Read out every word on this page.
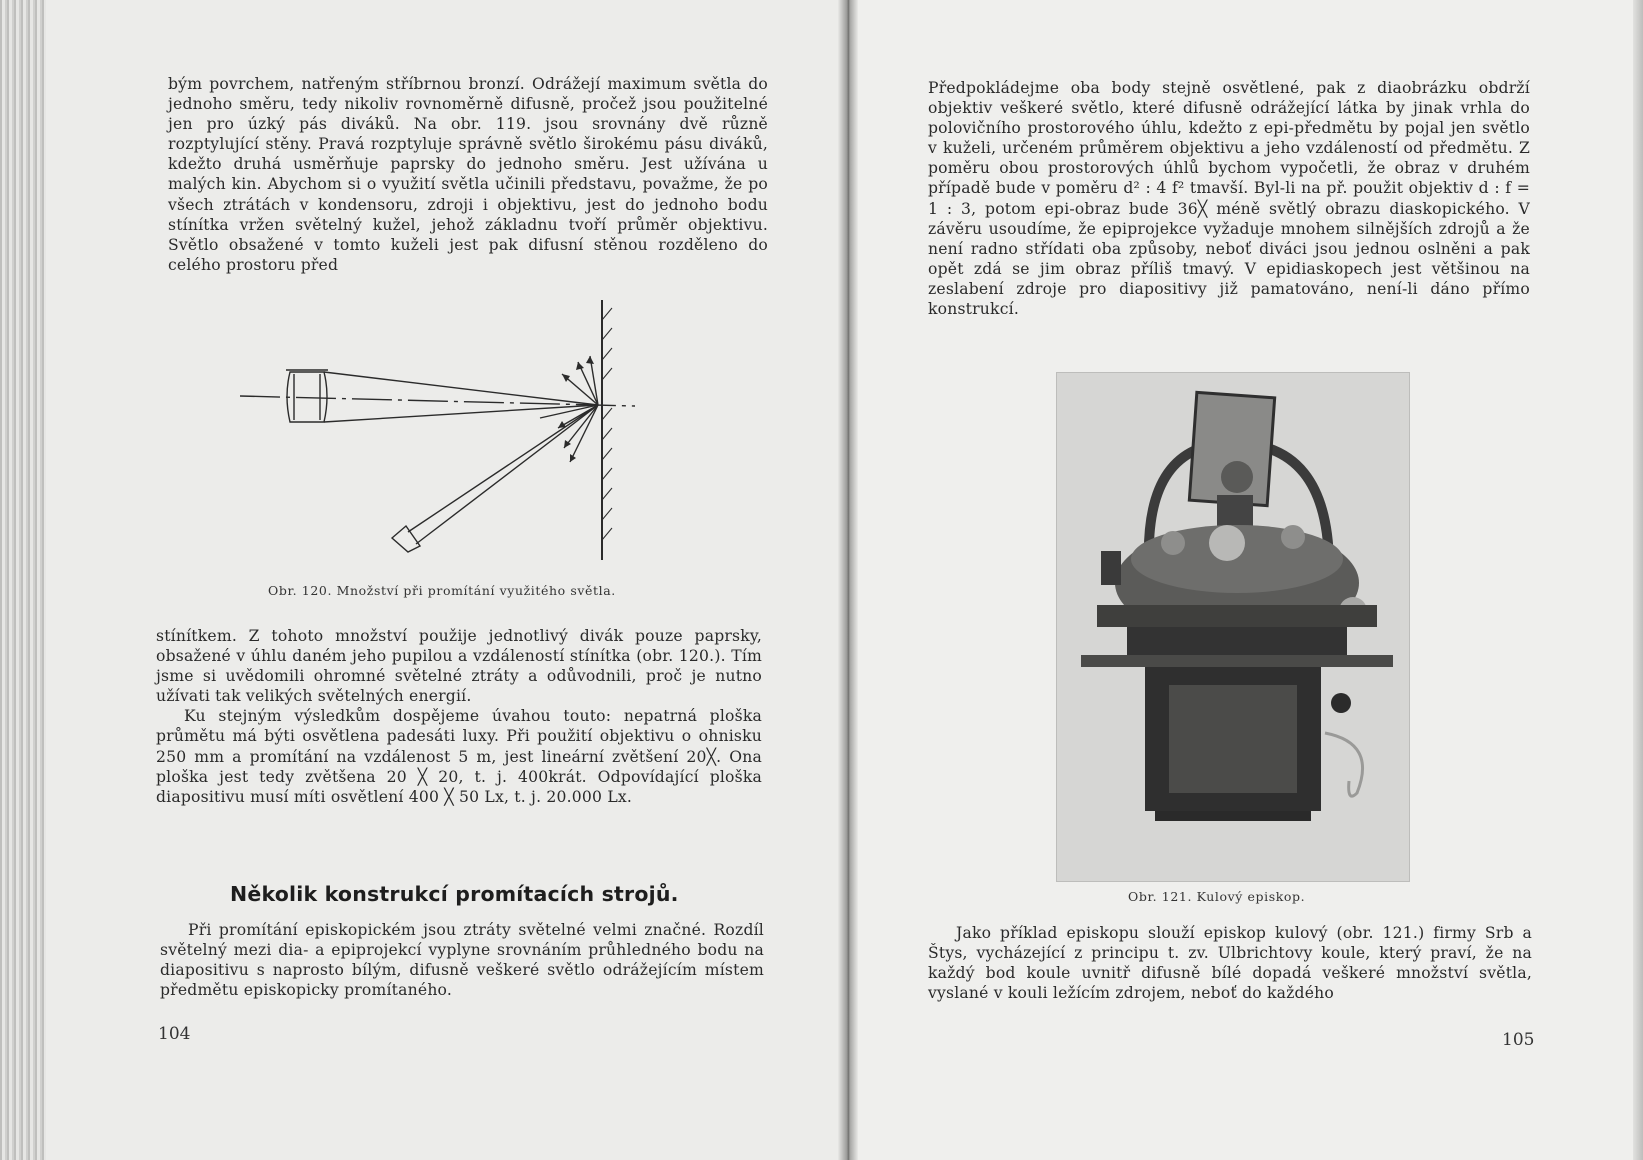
bým povrchem, natřeným stříbrnou bronzí. Odrážejí maximum světla do jednoho směru, tedy nikoliv rovnoměrně difusně, pročež jsou použitelné jen pro úzký pás diváků. Na obr. 119. jsou srovnány dvě různě rozptylující stěny. Pravá rozptyluje správně světlo širokému pásu diváků, kdežto druhá usměrňuje paprsky do jednoho směru. Jest užívána u malých kin. Abychom si o využití světla učinili představu, považme, že po všech ztrátách v kondensoru, zdroji i objektivu, jest do jednoho bodu stínítka vržen světelný kužel, jehož základnu tvoří průměr objektivu. Světlo obsažené v tomto kuželi jest pak difusní stěnou rozděleno do celého prostoru před

Obr. 120. Množství při promítání využitého světla.

stínítkem. Z tohoto množství použije jednotlivý divák pouze paprsky, obsažené v úhlu daném jeho pupilou a vzdáleností stínítka (obr. 120.). Tím jsme si uvědomili ohromné světelné ztráty a odůvodnili, proč je nutno užívati tak velikých světelných energií.

Ku stejným výsledkům dospějeme úvahou touto: nepatrná ploška průmětu má býti osvětlena padesáti luxy. Při použití objektivu o ohnisku 250 mm a promítání na vzdálenost 5 m, jest lineární zvětšení 20╳. Ona ploška jest tedy zvětšena 20 ╳ 20, t. j. 400krát. Odpovídající ploška diapositivu musí míti osvětlení 400 ╳ 50 Lx, t. j. 20.000 Lx.

Několik konstrukcí promítacích strojů.

Při promítání episkopickém jsou ztráty světelné velmi značné. Rozdíl světelný mezi dia- a epiprojekcí vyplyne srovnáním průhledného bodu na diapositivu s naprosto bílým, difusně veškeré světlo odrážejícím místem předmětu episkopicky promítaného.

104

Předpokládejme oba body stejně osvětlené, pak z diaobrázku obdrží objektiv veškeré světlo, které difusně odrážející látka by jinak vrhla do polovičního prostorového úhlu, kdežto z epi-předmětu by pojal jen světlo v kuželi, určeném průměrem objektivu a jeho vzdáleností od předmětu. Z poměru obou prostorových úhlů bychom vypočetli, že obraz v druhém případě bude v poměru d² : 4 f² tmavší. Byl-li na př. použit objektiv d : f = 1 : 3, potom epi-obraz bude 36╳ méně světlý obrazu diaskopického. V závěru usoudíme, že epiprojekce vyžaduje mnohem silnějších zdrojů a že není radno střídati oba způsoby, neboť diváci jsou jednou oslněni a pak opět zdá se jim obraz příliš tmavý. V epidiaskopech jest většinou na zeslabení zdroje pro diapositivy již pamatováno, není-li dáno přímo konstrukcí.

Obr. 121. Kulový episkop.

Jako příklad episkopu slouží episkop kulový (obr. 121.) firmy Srb a Štys, vycházející z principu t. zv. Ulbrichtovy koule, který praví, že na každý bod koule uvnitř difusně bílé dopadá veškeré množství světla, vyslané v kouli ležícím zdrojem, neboť do každého

105
